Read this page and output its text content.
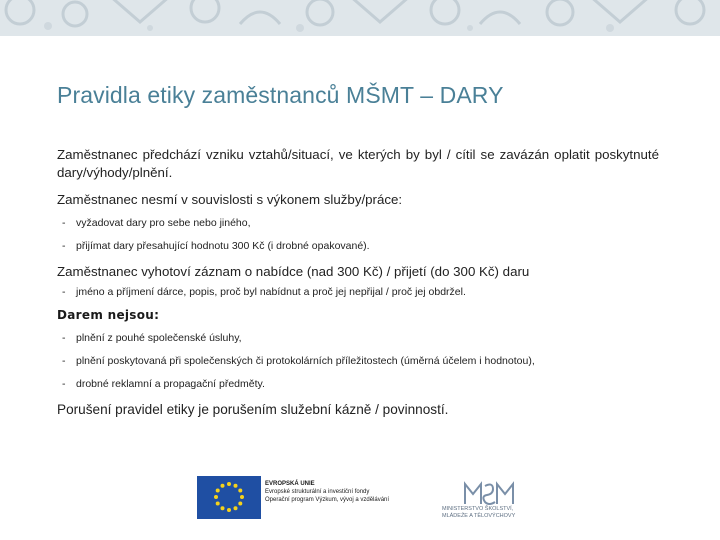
Pravidla etiky zaměstnanců MŠMT – DARY

Zaměstnanec předchází vzniku vztahů/situací, ve kterých by byl / cítil se zavázán oplatit poskytnuté dary/výhody/plnění.

Zaměstnanec nesmí v souvislosti s výkonem služby/práce:

- vyžadovat dary pro sebe nebo jiného,
- přijímat dary přesahující hodnotu 300 Kč (i drobné opakované).

Zaměstnanec vyhotoví záznam o nabídce (nad 300 Kč) / přijetí (do 300 Kč) daru

- jméno a příjmení dárce, popis, proč byl nabídnut a proč jej nepřijal / proč jej obdržel.
Darem nejsou:
- plnění z pouhé společenské úsluhy,
- plnění poskytovaná při společenských či protokolárních příležitostech (úměrná účelem i hodnotou),
- drobné reklamní a propagační předměty.

Porušení pravidel etiky je porušením služební kázně / povinností.

EVROPSKÁ UNIE
Evropské strukturální a investiční fondy
Operační program Výzkum, vývoj a vzdělávání
MINISTERSTVO ŠKOLSTVÍ,
MLÁDEŽE A TĚLOVÝCHOVY
